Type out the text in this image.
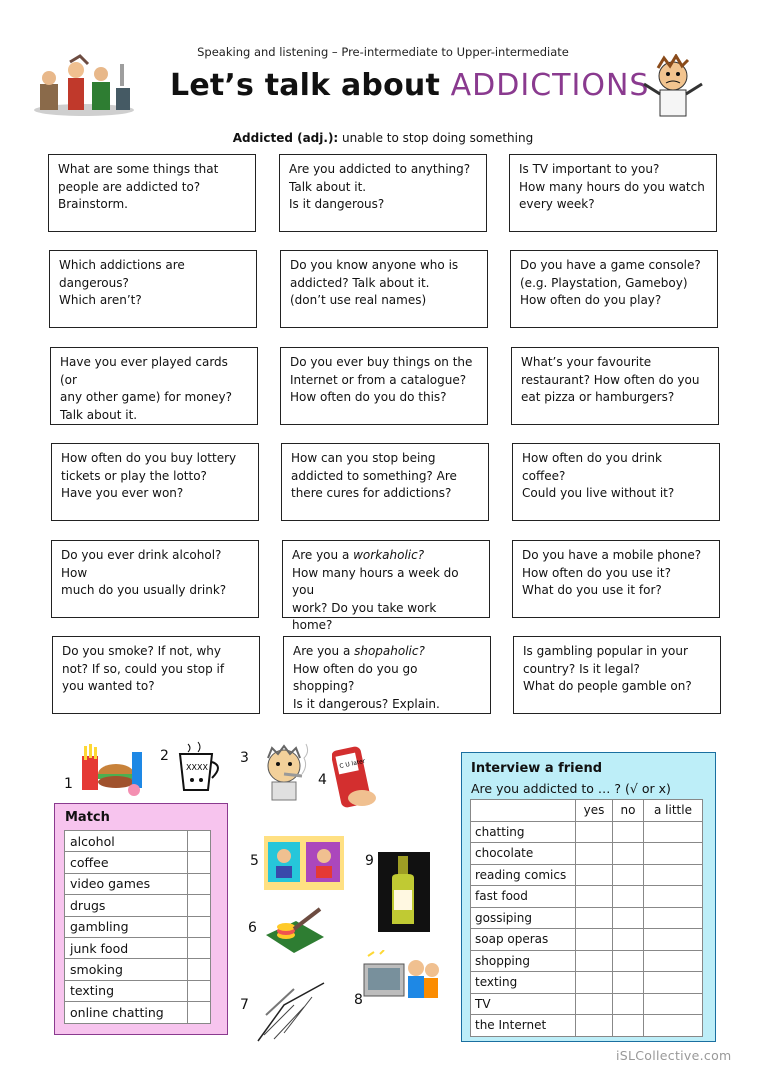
Speaking and listening – Pre-intermediate to Upper-intermediate
Let’s talk about ADDICTIONS
Addicted (adj.): unable to stop doing something
What are some things that
people are addicted to?
Brainstorm.
Are you addicted to anything?
Talk about it.
Is it dangerous?
Is TV important to you?
How many hours do you watch
every week?
Which addictions are
dangerous?
Which aren’t?
Do you know anyone who is
addicted? Talk about it.
(don’t use real names)
Do you have a game console?
(e.g. Playstation, Gameboy)
How often do you play?
Have you ever played cards (or
any other game) for money?
Talk about it.
Do you ever buy things on the
Internet or from a catalogue?
How often do you do this?
What’s your favourite
restaurant? How often do you
eat pizza or hamburgers?
How often do you buy lottery
tickets or play the lotto?
Have you ever won?
How can you stop being
addicted to something? Are
there cures for addictions?
How often do you drink
coffee?
Could you live without it?
Do you ever drink alcohol? How
much do you usually drink?
Are you a workaholic?
How many hours a week do you
work? Do you take work home?
Do you have a mobile phone?
How often do you use it?
What do you use it for?
Do you smoke? If not, why
not? If so, could you stop if
you wanted to?
Are you a shopaholic?
How often do you go shopping?
Is it dangerous? Explain.
Is gambling popular in your
country? Is it legal?
What do people gamble on?
1
2	3
4
5
6
7	8
9
XXXX	C U later
Match
alcohol	
coffee	
video games	
drugs	
gambling	
junk food	
smoking	
texting	
online chatting	
Interview a friend
Are you addicted to … ? (√ or x)
	yes	no	a little
chatting			
chocolate			
reading comics			
fast food			
gossiping			
soap operas			
shopping			
texting			
TV			
the Internet			
iSLCollective.com
